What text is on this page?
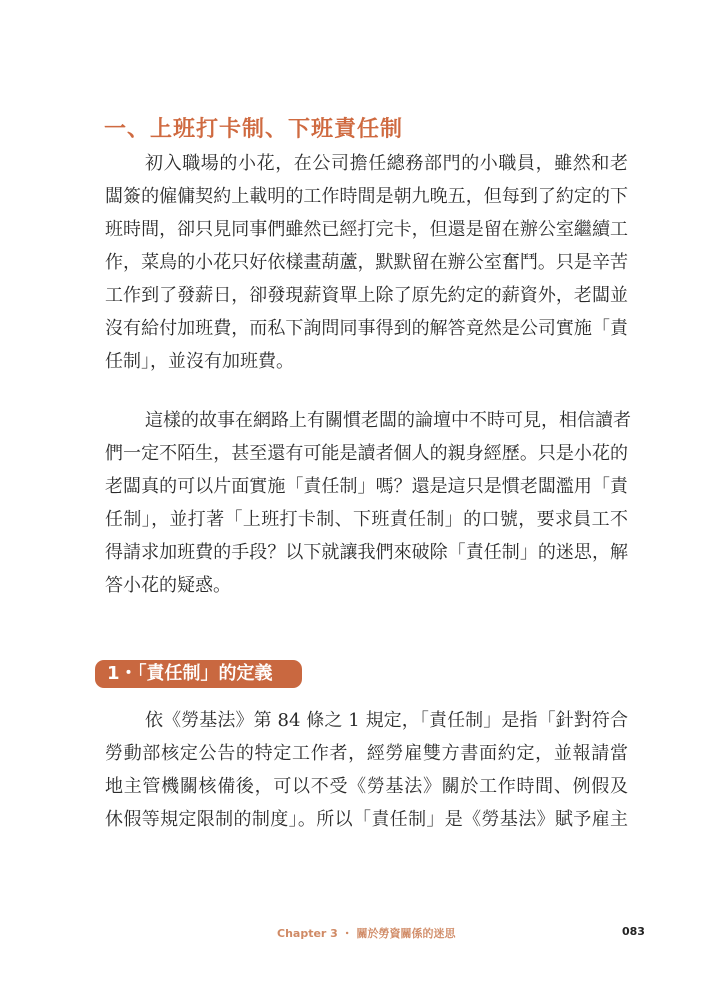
一、上班打卡制、下班責任制
初入職場的小花，在公司擔任總務部門的小職員，雖然和老
闆簽的僱傭契約上載明的工作時間是朝九晚五，但每到了約定的下
班時間，卻只見同事們雖然已經打完卡，但還是留在辦公室繼續工
作，菜鳥的小花只好依樣畫葫蘆，默默留在辦公室奮鬥。只是辛苦
工作到了發薪日，卻發現薪資單上除了原先約定的薪資外，老闆並
沒有給付加班費，而私下詢問同事得到的解答竟然是公司實施「責
任制」，並沒有加班費。
這樣的故事在網路上有關慣老闆的論壇中不時可見，相信讀者
們一定不陌生，甚至還有可能是讀者個人的親身經歷。只是小花的
老闆真的可以片面實施「責任制」嗎？還是這只是慣老闆濫用「責
任制」，並打著「上班打卡制、下班責任制」的口號，要求員工不
得請求加班費的手段？以下就讓我們來破除「責任制」的迷思，解
答小花的疑惑。
1・「責任制」的定義
依《勞基法》第 84 條之 1 規定，「責任制」是指「針對符合
勞動部核定公告的特定工作者，經勞雇雙方書面約定，並報請當
地主管機關核備後，可以不受《勞基法》關於工作時間、例假及
休假等規定限制的制度」。所以「責任制」是《勞基法》賦予雇主
Chapter 3 ・ 關於勞資關係的迷思	083
